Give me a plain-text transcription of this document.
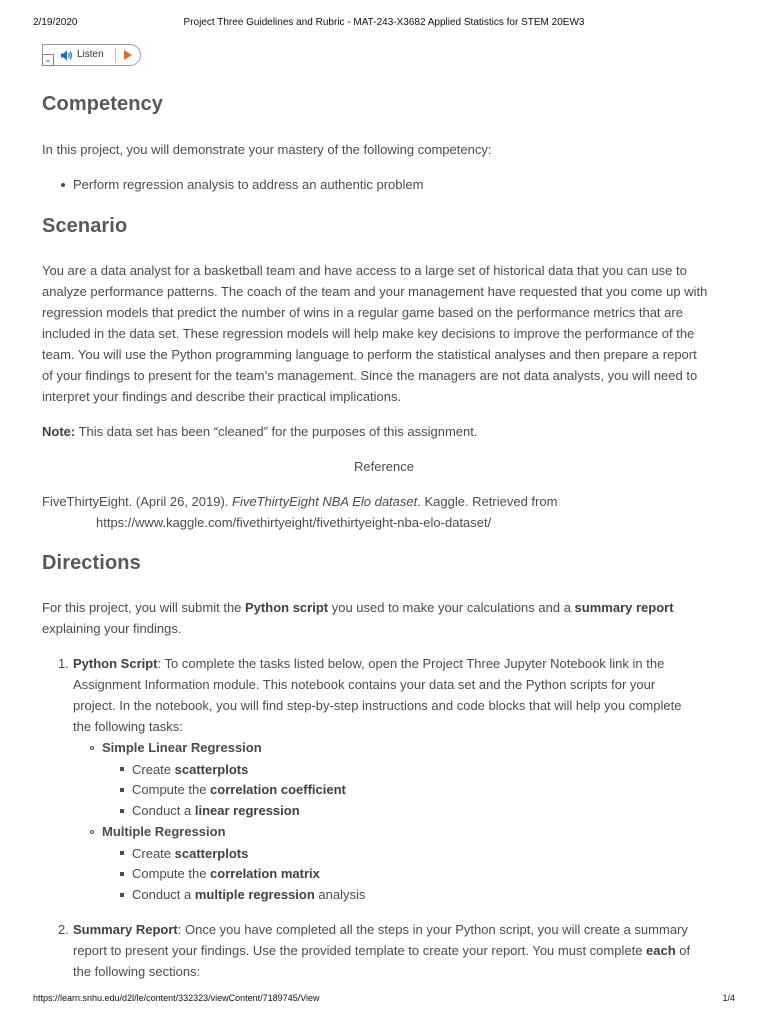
2/19/2020	Project Three Guidelines and Rubric - MAT-243-X3682 Applied Statistics for STEM 20EW3
⌄	Listen
Competency

In this project, you will demonstrate your mastery of the following competency:

Perform regression analysis to address an authentic problem
Scenario
You are a data analyst for a basketball team and have access to a large set of historical data that you can use to
analyze performance patterns. The coach of the team and your management have requested that you come up with
regression models that predict the number of wins in a regular game based on the performance metrics that are
included in the data set. These regression models will help make key decisions to improve the performance of the
team. You will use the Python programming language to perform the statistical analyses and then prepare a report
of your findings to present for the team’s management. Since the managers are not data analysts, you will need to
interpret your findings and describe their practical implications.
Note: This data set has been “cleaned” for the purposes of this assignment.
Reference
FiveThirtyEight. (April 26, 2019). FiveThirtyEight NBA Elo dataset. Kaggle. Retrieved from
https://www.kaggle.com/fivethirtyeight/fivethirtyeight-nba-elo-dataset/
Directions
For this project, you will submit the Python script you used to make your calculations and a summary report
explaining your findings.
1. Python Script: To complete the tasks listed below, open the Project Three Jupyter Notebook link in the
Assignment Information module. This notebook contains your data set and the Python scripts for your
project. In the notebook, you will find step-by-step instructions and code blocks that will help you complete
the following tasks:
Simple Linear Regression
Create scatterplots
Compute the correlation coefficient
Conduct a linear regression
Multiple Regression
Create scatterplots
Compute the correlation matrix
Conduct a multiple regression analysis
2. Summary Report: Once you have completed all the steps in your Python script, you will create a summary
report to present your findings. Use the provided template to create your report. You must complete each of
the following sections:
https://learn.snhu.edu/d2l/le/content/332323/viewContent/7189745/View	1/4
